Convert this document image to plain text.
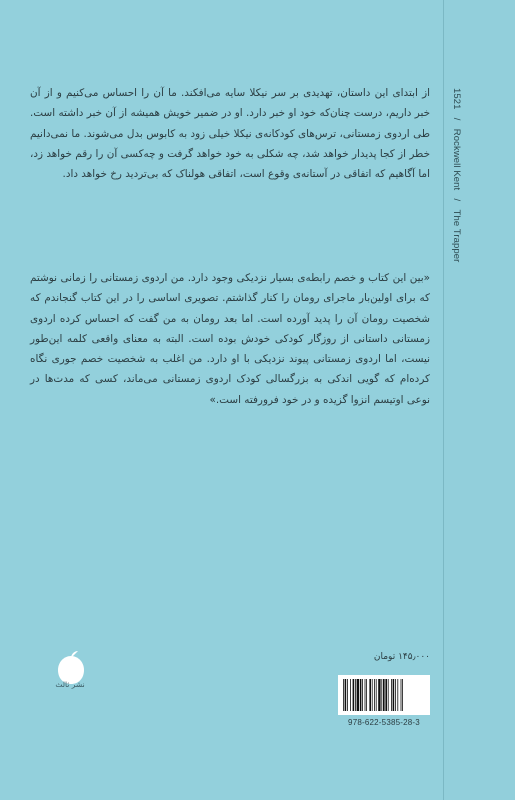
از ابتدای این داستان، تهدیدی بر سر نیکلا سایه می‌افکند. ما آن را احساس می‌کنیم و از آن خبر داریم، درست چنان‌که خود او خبر دارد. او در ضمیر خویش همیشه از آن خبر داشته است. طی اردوی زمستانی، ترس‌های کودکانه‌ی نیکلا خیلی زود به کابوس بدل می‌شوند. ما نمی‌دانیم خطر از کجا پدیدار خواهد شد، چه شکلی به خود خواهد گرفت و چه‌کسی آن را رقم خواهد زد، اما آگاهیم که اتفاقی در آستانه‌ی وقوع است، اتفاقی هولناک که بی‌تردید رخ خواهد داد.

«بین این کتاب و خصم رابطه‌ی بسیار نزدیکی وجود دارد. من اردوی زمستانی را زمانی نوشتم که برای اولین‌بار ماجرای رومان را کنار گذاشتم. تصویری اساسی را در این کتاب گنجاندم که شخصیت رومان آن را پدید آورده است. اما بعد رومان به من گفت که احساس کرده اردوی زمستانی داستانی از روزگار کودکی خودش بوده است. البته به معنای واقعی کلمه این‌طور نیست، اما اردوی زمستانی پیوند نزدیکی با او دارد. من اغلب به شخصیت خصم جوری نگاه کرده‌ام که گویی اندکی به بزرگسالی کودک اردوی زمستانی می‌ماند، کسی که مدت‌ها در نوعی اوتیسم انزوا گزیده و در خود فرورفته است.»

نشر ثالث
۱۴۵٫۰۰۰ تومان
978-622-5385-28-3
1521   /   Rockwell Kent   /   The Trapper
